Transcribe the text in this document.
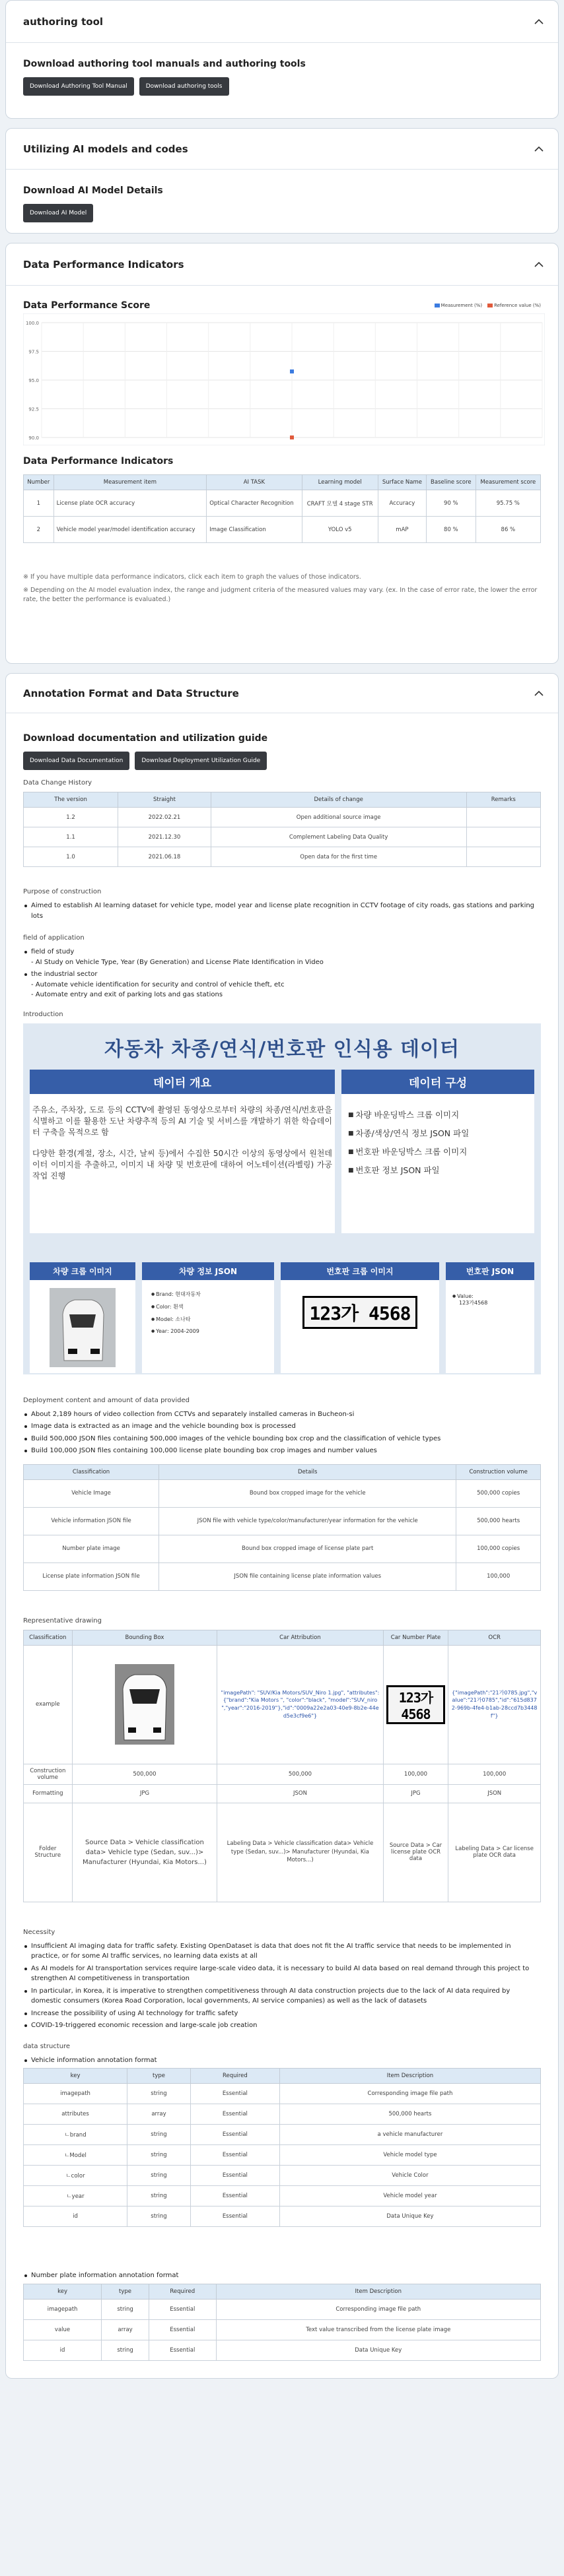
authoring tool
Download authoring tool manuals and authoring tools
Download Authoring Tool Manual	Download authoring tools
Utilizing AI models and codes
Download AI Model Details
Download AI Model
Data Performance Indicators
Data Performance Score	Measurement (%)	Reference value (%)
100.0
97.5
95.0
92.5
90.0
Data Performance Indicators
Number	Measurement item	AI TASK	Learning model	Surface Name	Baseline score	Measurement score
1	License plate OCR accuracy	Optical Character Recognition	CRAFT 모델 4 stage STR	Accuracy	90 %	95.75 %
2	Vehicle model year/model identification accuracy	Image Classification	YOLO v5	mAP	80 %	86 %

※ If you have multiple data performance indicators, click each item to graph the values of those indicators.

※ Depending on the AI model evaluation index, the range and judgment criteria of the measured values may vary. (ex. In the case of error rate, the lower the error rate, the better the performance is evaluated.)

Annotation Format and Data Structure
Download documentation and utilization guide
Download Data Documentation	Download Deployment Utilization Guide

Data Change History

The version	Straight	Details of change	Remarks
1.2	2022.02.21	Open additional source image	
1.1	2021.12.30	Complement Labeling Data Quality	
1.0	2021.06.18	Open data for the first time	

Purpose of construction

Aimed to establish AI learning dataset for vehicle type, model year and license plate recognition in CCTV footage of city roads, gas stations and parking lots

field of application

field of study
- AI Study on Vehicle Type, Year (By Generation) and License Plate Identification in Video
the industrial sector
- Automate vehicle identification for security and control of vehicle theft, etc
- Automate entry and exit of parking lots and gas stations

Introduction

자동차 차종/연식/번호판 인식용 데이터
데이터 개요

주유소, 주차장, 도로 등의 CCTV에 촬영된 동영상으로부터 차량의 차종/연식/번호판을 식별하고 이를 활용한 도난 차량추적 등의 AI 기술 및 서비스를 개발하기 위한 학습데이터 구축을 목적으로 함

다양한 환경(계절, 장소, 시간, 날씨 등)에서 수집한 50시간 이상의 동영상에서 원천데이터 이미지를 추출하고, 이미지 내 차량 및 번호판에 대하여 어노테이션(라벨링) 가공작업 진행

데이터 구성
■ 차량 바운딩박스 크롭 이미지
■ 차종/색상/연식 정보 JSON 파일
■ 번호판 바운딩박스 크롭 이미지
■ 번호판 정보 JSON 파일
차량 크롭 이미지	차량 정보 JSON
● Brand: 현대자동차
● Color: 흰색
● Model: 소나타
● Year: 2004-2009
번호판 크롭 이미지
123가 4568
번호판 JSON
● Value:
123가4568

Deployment content and amount of data provided

About 2,189 hours of video collection from CCTVs and separately installed cameras in Bucheon-si
Image data is extracted as an image and the vehicle bounding box is processed
Build 500,000 JSON files containing 500,000 images of the vehicle bounding box crop and the classification of vehicle types
Build 100,000 JSON files containing 100,000 license plate bounding box crop images and number values
Classification	Details	Construction volume
Vehicle Image	Bound box cropped image for the vehicle	500,000 copies
Vehicle information JSON file	JSON file with vehicle type/color/manufacturer/year information for the vehicle	500,000 hearts
Number plate image	Bound box cropped image of license plate part	100,000 copies
License plate information JSON file	JSON file containing license plate information values	100,000

Representative drawing

Classification	Bounding Box	Car Attribution	Car Number Plate	OCR
example		"imagePath": "SUV/Kia Motors/SUV_Niro 1.jpg", "attributes": {"brand":"Kia Motors ", "color":"black", "model":"SUV_niro ","year":"2016-2019"},"id":"0009a22e2a03-40e9-8b2e-44ed5e3cf9e6"}	123가 4568	{"imagePath":"21가0785.jpg","value":"21가0785","id":"615d8372-969b-4fe4-b1ab-28ccd7b3448f"}
Construction volume	500,000	500,000	100,000	100,000
Formatting	JPG	JSON	JPG	JSON
Folder Structure	Source Data > Vehicle classification data> Vehicle type (Sedan, suv...)> Manufacturer (Hyundai, Kia Motors...)	Labeling Data > Vehicle classification data> Vehicle type (Sedan, suv...)> Manufacturer (Hyundai, Kia Motors...)	Source Data > Car license plate OCR data	Labeling Data > Car license plate OCR data

Necessity

Insufficient AI imaging data for traffic safety. Existing OpenDataset is data that does not fit the AI traffic service that needs to be implemented in practice, or for some AI traffic services, no learning data exists at all
As AI models for AI transportation services require large-scale video data, it is necessary to build AI data based on real demand through this project to strengthen AI competitiveness in transportation
In particular, in Korea, it is imperative to strengthen competitiveness through AI data construction projects due to the lack of AI data required by domestic consumers (Korea Road Corporation, local governments, AI service companies) as well as the lack of datasets
Increase the possibility of using AI technology for traffic safety
COVID-19-triggered economic recession and large-scale job creation

data structure

Vehicle information annotation format
key	type	Required	Item Description
imagepath	string	Essential	Corresponding image file path
attributes	array	Essential	500,000 hearts
ㄴbrand	string	Essential	a vehicle manufacturer
ㄴModel	string	Essential	Vehicle model type
ㄴcolor	string	Essential	Vehicle Color
ㄴyear	string	Essential	Vehicle model year
id	string	Essential	Data Unique Key
Number plate information annotation format
key	type	Required	Item Description
imagepath	string	Essential	Corresponding image file path
value	array	Essential	Text value transcribed from the license plate image
id	string	Essential	Data Unique Key
